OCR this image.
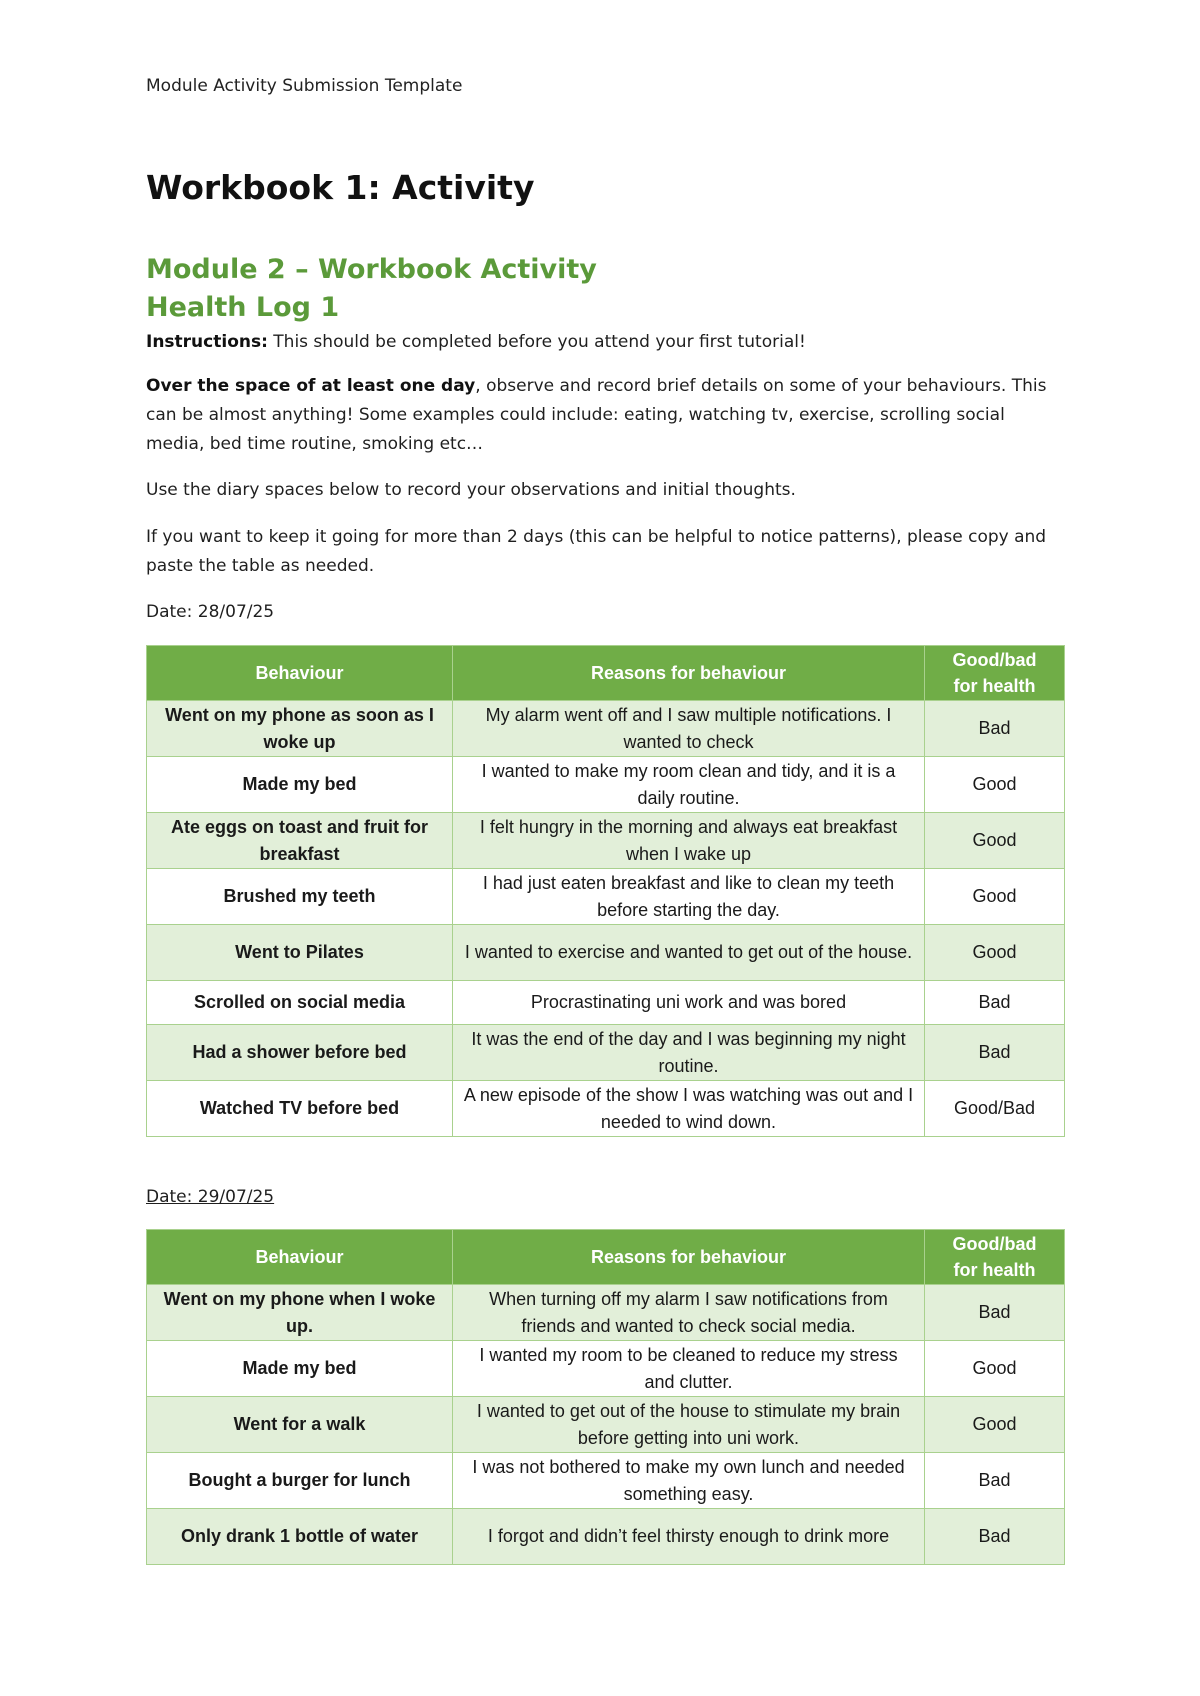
Module Activity Submission Template
Workbook 1: Activity
Module 2 – Workbook Activity
Health Log 1

Instructions: This should be completed before you attend your first tutorial!

Over the space of at least one day, observe and record brief details on some of your behaviours. This can be almost anything! Some examples could include: eating, watching tv, exercise, scrolling social media, bed time routine, smoking etc…

Use the diary spaces below to record your observations and initial thoughts.

If you want to keep it going for more than 2 days (this can be helpful to notice patterns), please copy and paste the table as needed.

Date: 28/07/25
Behaviour	Reasons for behaviour	Good/bad
for health
Went on my phone as soon as I woke up	My alarm went off and I saw multiple notifications. I wanted to check	Bad
Made my bed	I wanted to make my room clean and tidy, and it is a daily routine.	Good
Ate eggs on toast and fruit for breakfast	I felt hungry in the morning and always eat breakfast when I wake up	Good
Brushed my teeth	I had just eaten breakfast and like to clean my teeth before starting the day.	Good
Went to Pilates	I wanted to exercise and wanted to get out of the house.	Good
Scrolled on social media	Procrastinating uni work and was bored	Bad
Had a shower before bed	It was the end of the day and I was beginning my night routine.	Bad
Watched TV before bed	A new episode of the show I was watching was out and I needed to wind down.	Good/Bad
Date: 29/07/25
Behaviour	Reasons for behaviour	Good/bad
for health
Went on my phone when I woke up.	When turning off my alarm I saw notifications from friends and wanted to check social media.	Bad
Made my bed	I wanted my room to be cleaned to reduce my stress and clutter.	Good
Went for a walk	I wanted to get out of the house to stimulate my brain before getting into uni work.	Good
Bought a burger for lunch	I was not bothered to make my own lunch and needed something easy.	Bad
Only drank 1 bottle of water	I forgot and didn’t feel thirsty enough to drink more	Bad
